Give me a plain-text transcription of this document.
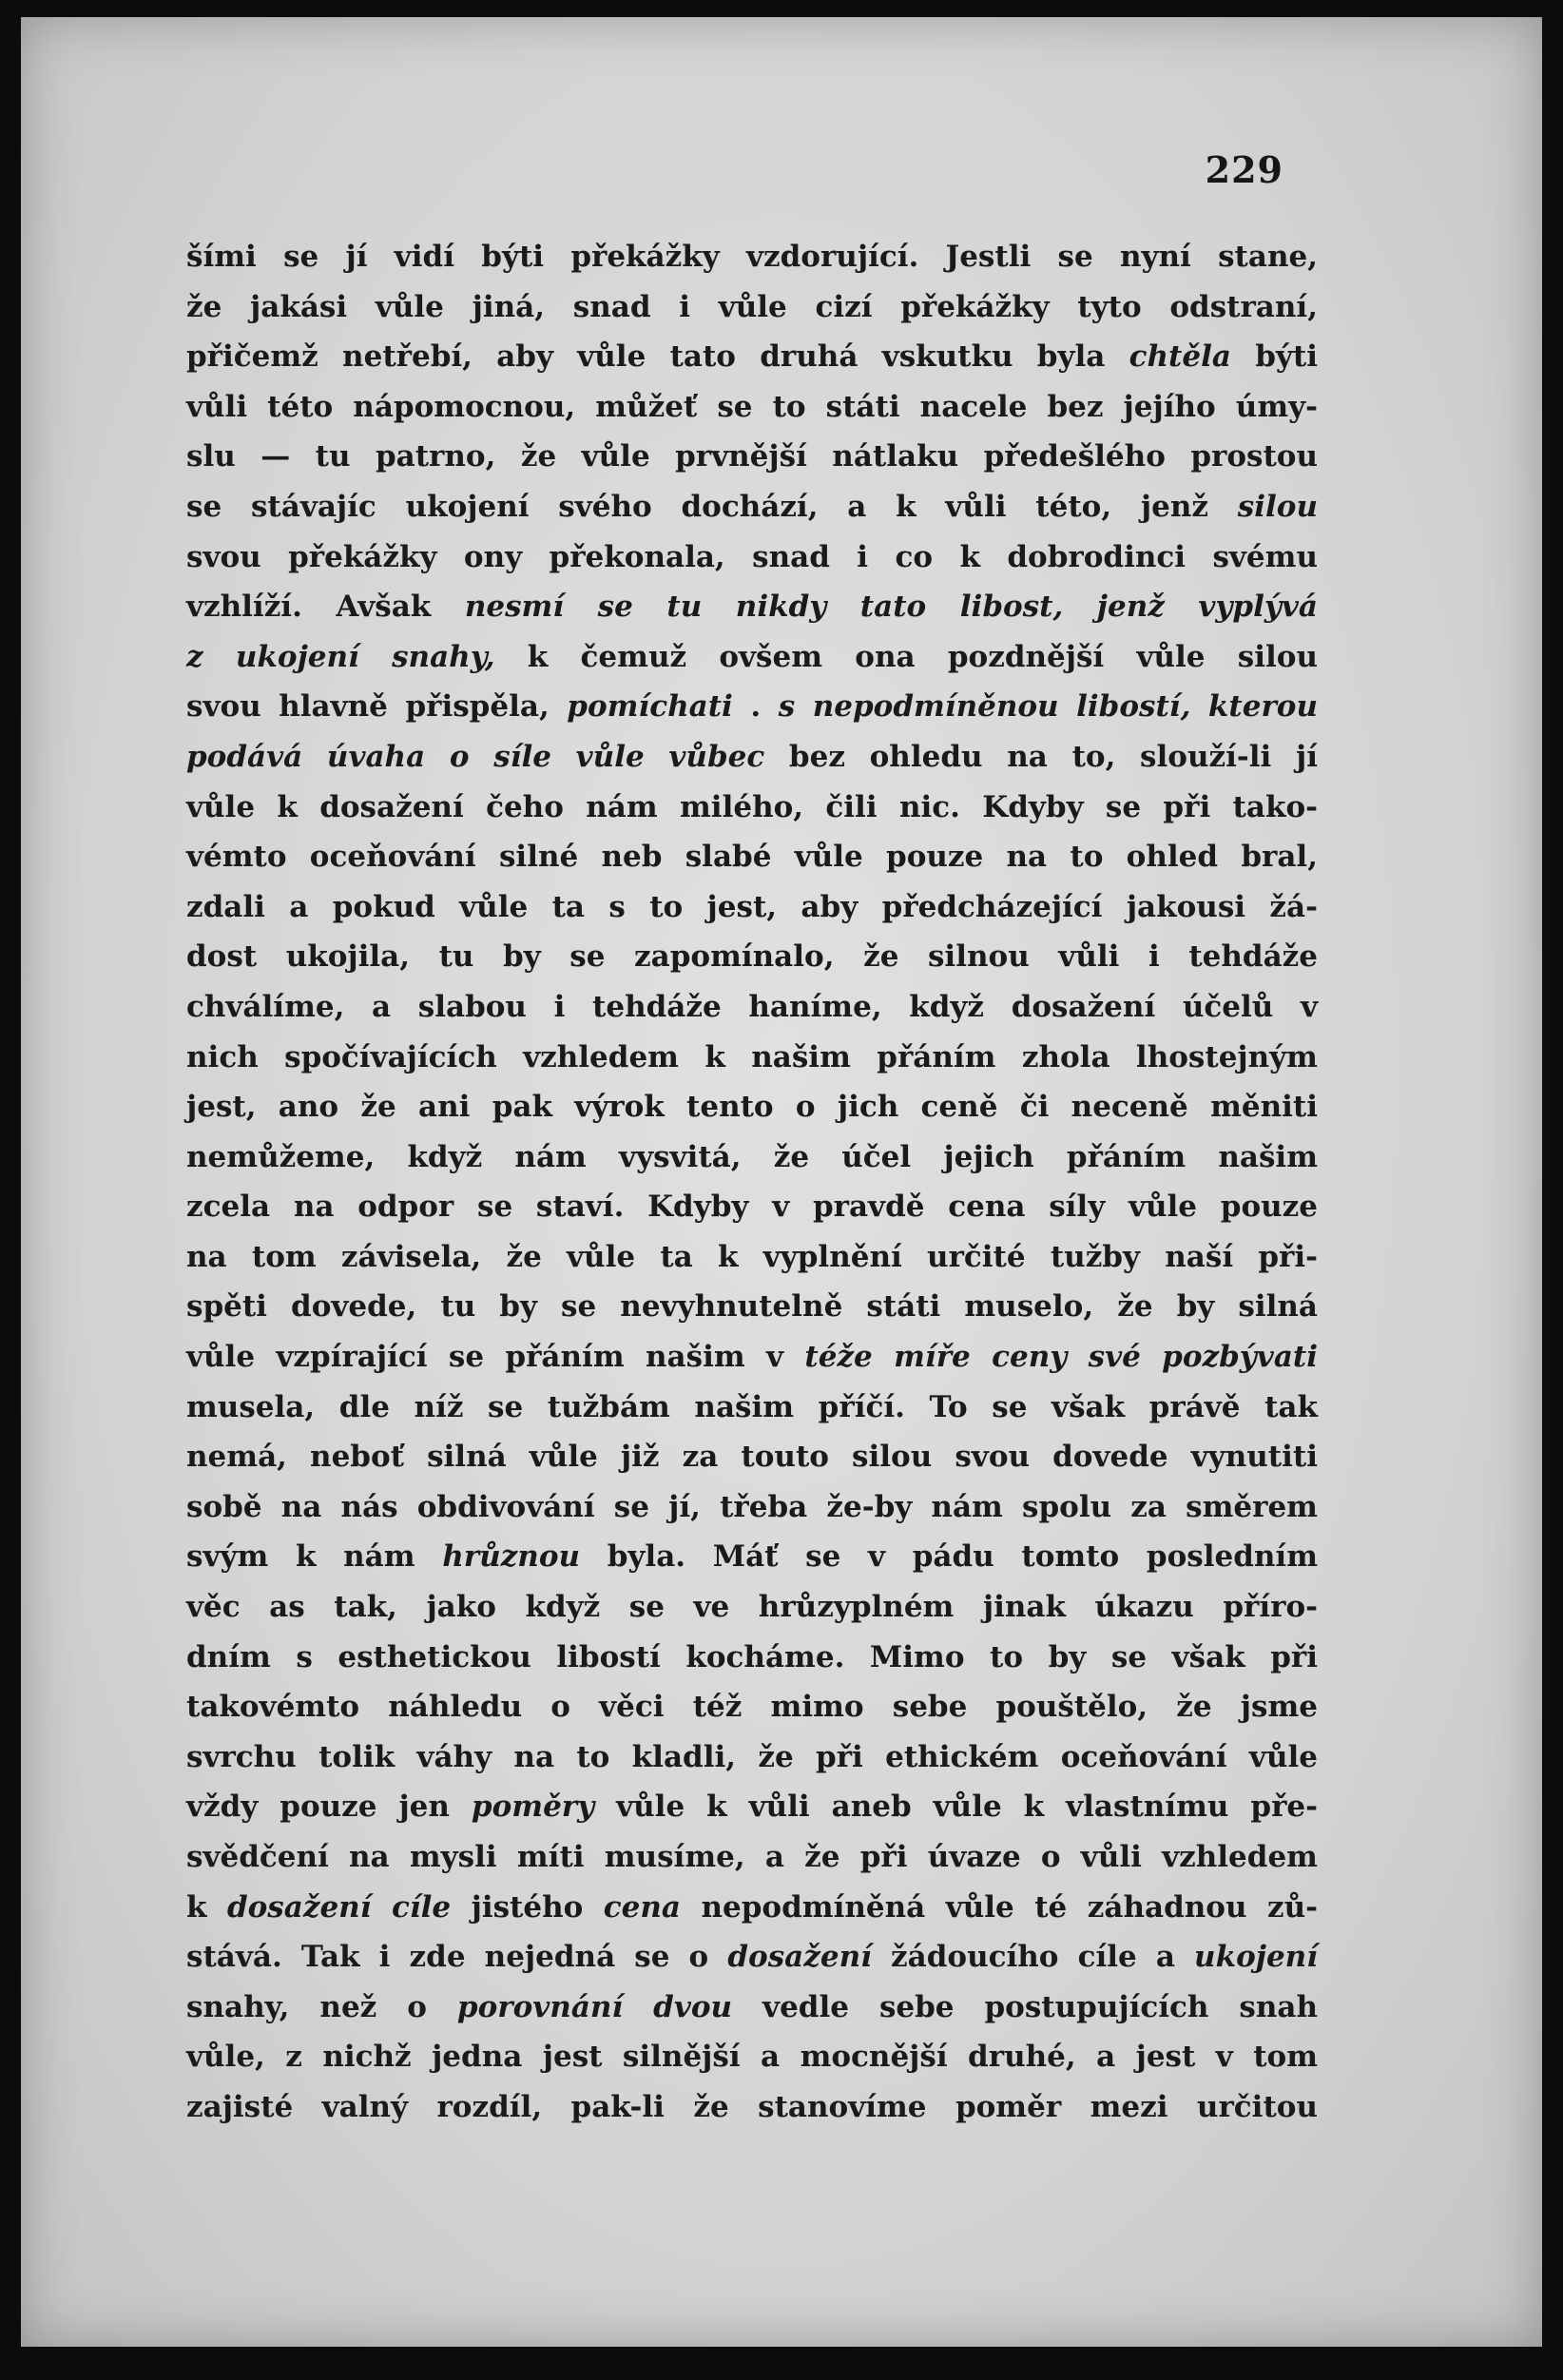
229
šími se jí vidí býti překážky vzdorující. Jestli se nyní stane,
že jakási vůle jiná, snad i vůle cizí překážky tyto odstraní,
přičemž netřebí, aby vůle tato druhá vskutku byla chtěla býti
vůli této nápomocnou, můžeť se to státi nacele bez jejího úmy-
slu — tu patrno, že vůle prvnější nátlaku předešlého prostou
se stávajíc ukojení svého dochází, a k vůli této, jenž silou
svou překážky ony překonala, snad i co k dobrodinci svému
vzhlíží. Avšak nesmí se tu nikdy tato libost, jenž vyplývá
z ukojení snahy, k čemuž ovšem ona pozdnější vůle silou
svou hlavně přispěla, pomíchati . s nepodmíněnou libostí, kterou
podává úvaha o síle vůle vůbec bez ohledu na to, slouží-li jí
vůle k dosažení čeho nám milého, čili nic. Kdyby se při tako-
vémto oceňování silné neb slabé vůle pouze na to ohled bral,
zdali a pokud vůle ta s to jest, aby předcházející jakousi žá-
dost ukojila, tu by se zapomínalo, že silnou vůli i tehdáže
chválíme, a slabou i tehdáže haníme, když dosažení účelů v
nich spočívajících vzhledem k našim přáním zhola lhostejným
jest, ano že ani pak výrok tento o jich ceně či neceně měniti
nemůžeme, když nám vysvitá, že účel jejich přáním našim
zcela na odpor se staví. Kdyby v pravdě cena síly vůle pouze
na tom závisela, že vůle ta k vyplnění určité tužby naší při-
spěti dovede, tu by se nevyhnutelně státi muselo, že by silná
vůle vzpírající se přáním našim v téže míře ceny své pozbývati
musela, dle níž se tužbám našim příčí. To se však právě tak
nemá, neboť silná vůle již za touto silou svou dovede vynutiti
sobě na nás obdivování se jí, třeba že-by nám spolu za směrem
svým k nám hrůznou byla. Máť se v pádu tomto posledním
věc as tak, jako když se ve hrůzyplném jinak úkazu příro-
dním s esthetickou libostí kocháme. Mimo to by se však při
takovémto náhledu o věci též mimo sebe pouštělo, že jsme
svrchu tolik váhy na to kladli, že při ethickém oceňování vůle
vždy pouze jen poměry vůle k vůli aneb vůle k vlastnímu pře-
svědčení na mysli míti musíme, a že při úvaze o vůli vzhledem
k dosažení cíle jistého cena nepodmíněná vůle té záhadnou zů-
stává. Tak i zde nejedná se o dosažení žádoucího cíle a ukojení
snahy, než o porovnání dvou vedle sebe postupujících snah
vůle, z nichž jedna jest silnější a mocnější druhé, a jest v tom
zajisté valný rozdíl, pak-li že stanovíme poměr mezi určitou
